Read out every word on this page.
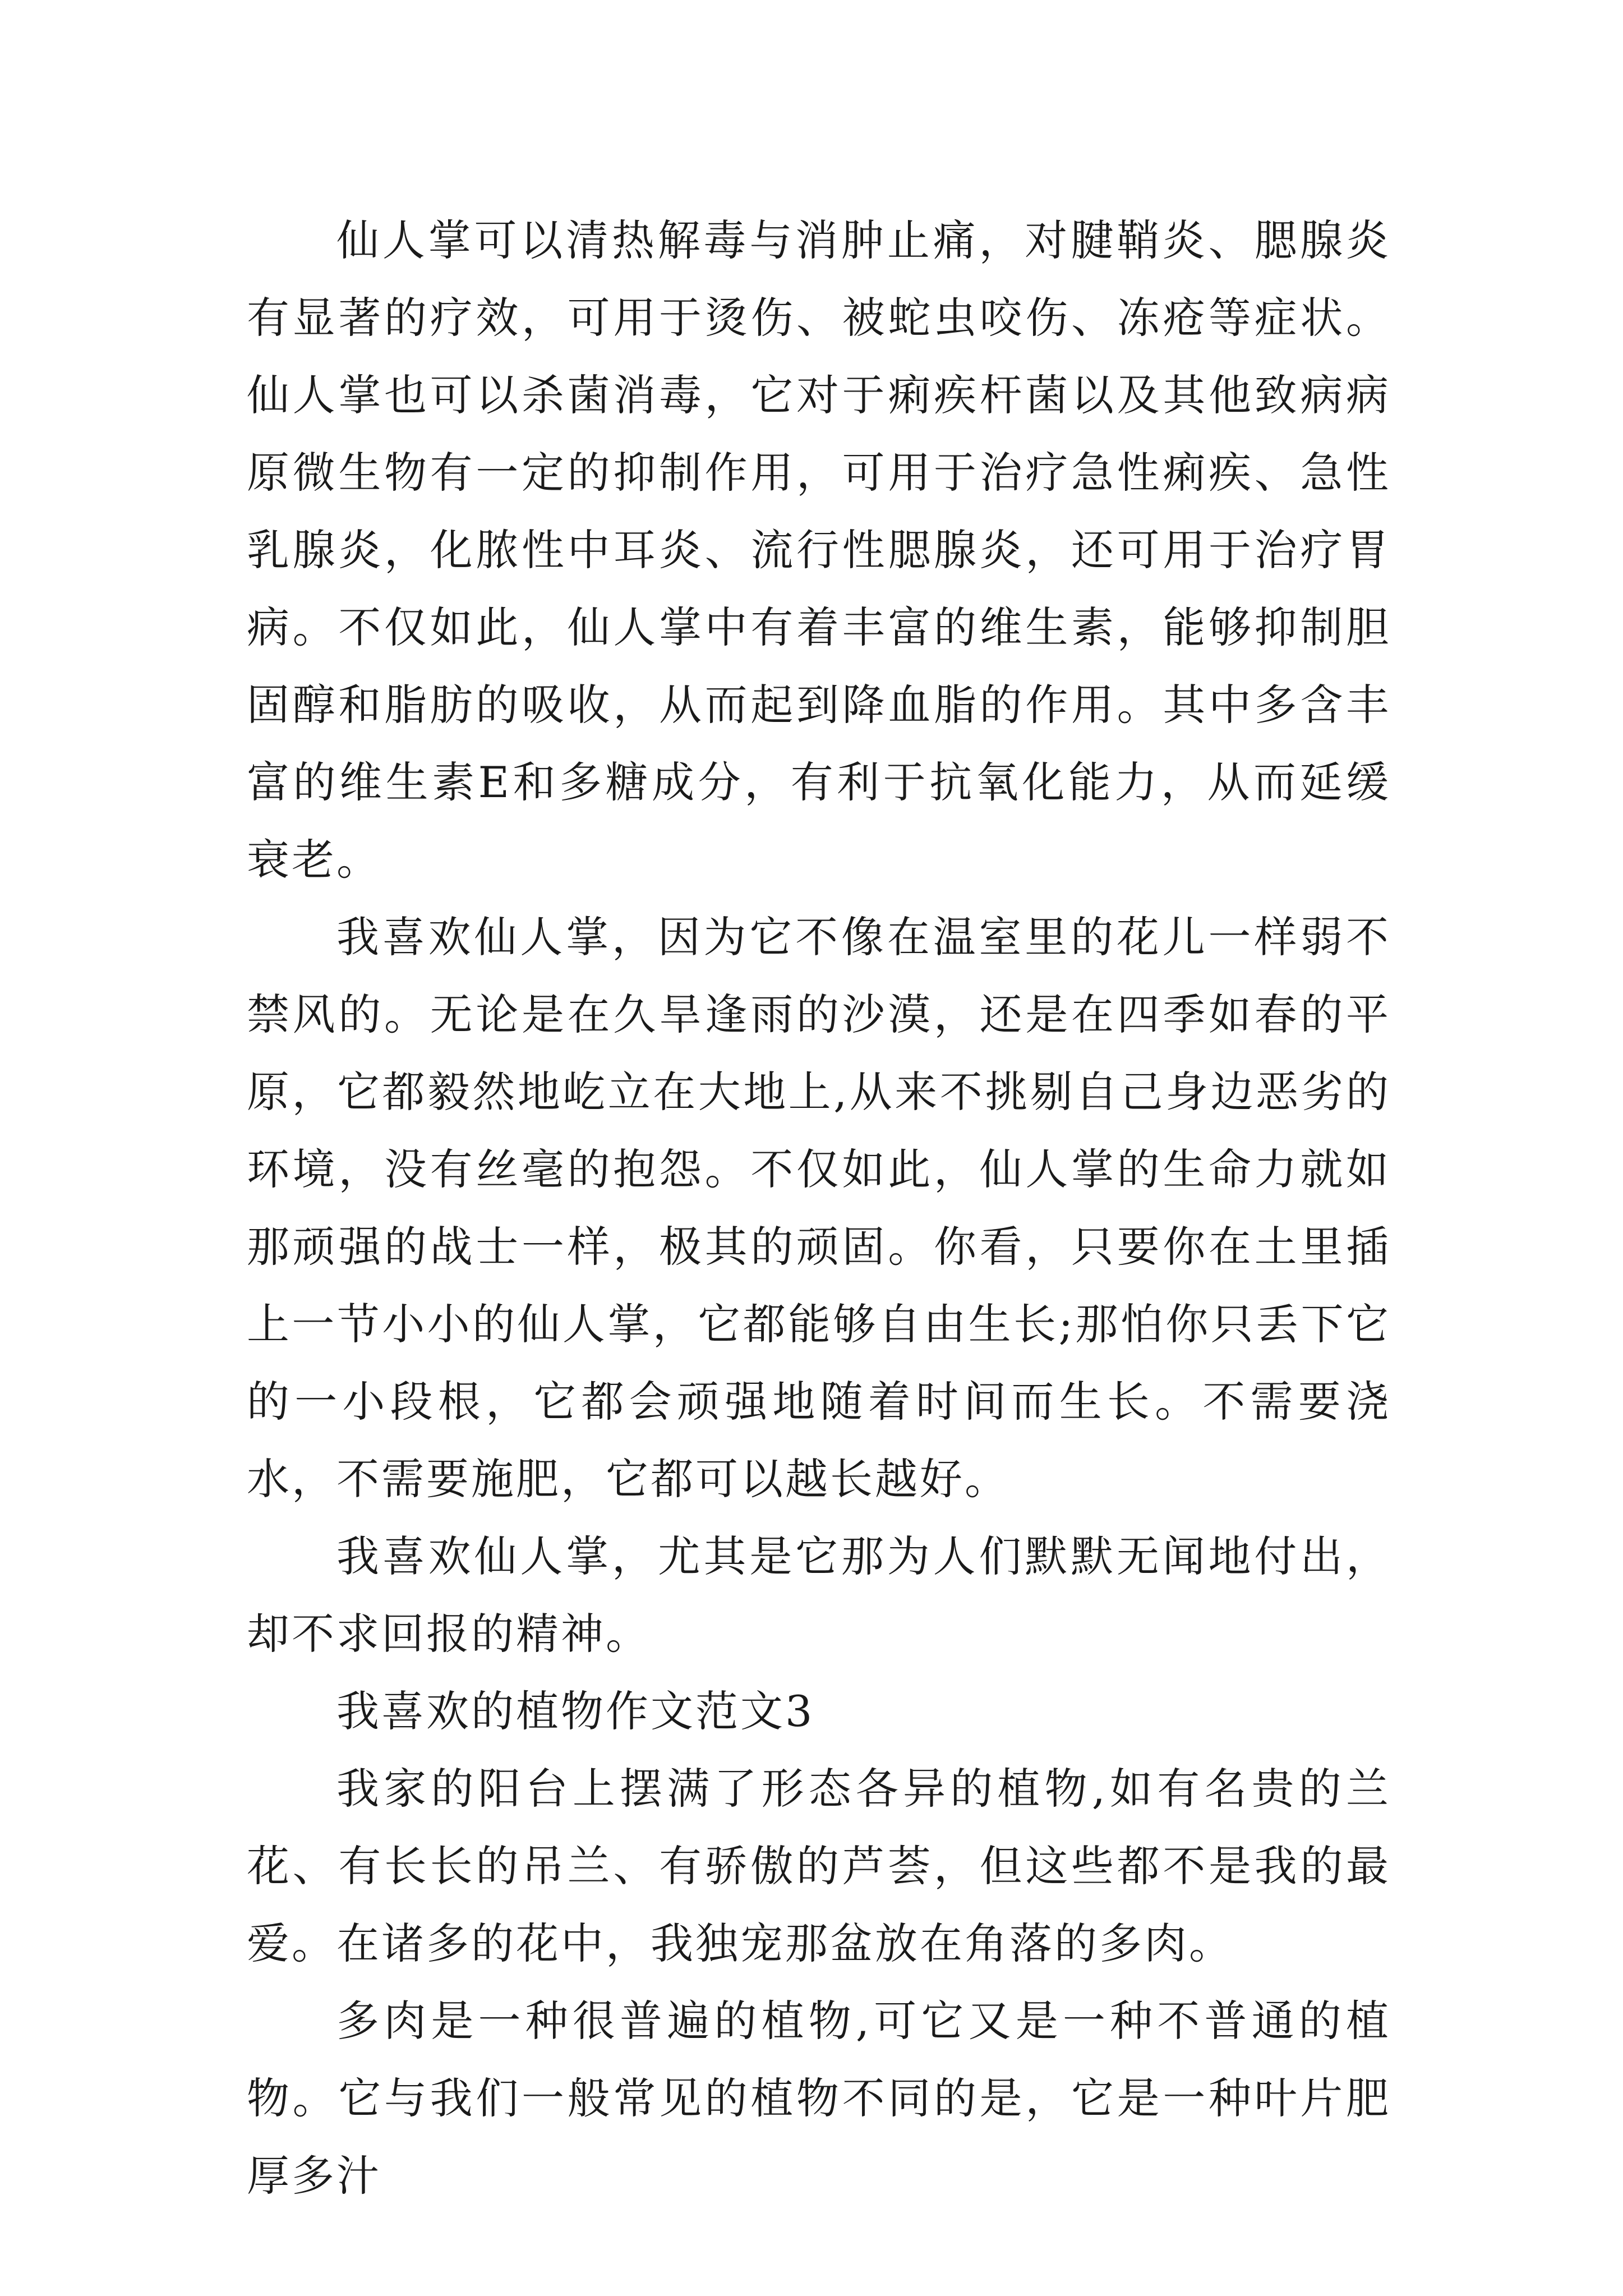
仙人掌可以清热解毒与消肿止痛，对腱鞘炎、腮腺炎有显著的疗效，可用于烫伤、被蛇虫咬伤、冻疮等症状。仙人掌也可以杀菌消毒，它对于痢疾杆菌以及其他致病病原微生物有一定的抑制作用，可用于治疗急性痢疾、急性乳腺炎，化脓性中耳炎、流行性腮腺炎，还可用于治疗胃病。不仅如此，仙人掌中有着丰富的维生素，能够抑制胆固醇和脂肪的吸收，从而起到降血脂的作用。其中多含丰富的维生素E和多糖成分，有利于抗氧化能力，从而延缓衰老。

我喜欢仙人掌，因为它不像在温室里的花儿一样弱不禁风的。无论是在久旱逢雨的沙漠，还是在四季如春的平原，它都毅然地屹立在大地上,从来不挑剔自己身边恶劣的环境，没有丝毫的抱怨。不仅如此，仙人掌的生命力就如那顽强的战士一样，极其的顽固。你看，只要你在土里插上一节小小的仙人掌，它都能够自由生长;那怕你只丢下它的一小段根，它都会顽强地随着时间而生长。不需要浇水，不需要施肥，它都可以越长越好。

我喜欢仙人掌，尤其是它那为人们默默无闻地付出，却不求回报的精神。

我喜欢的植物作文范文3

我家的阳台上摆满了形态各异的植物,如有名贵的兰花、有长长的吊兰、有骄傲的芦荟，但这些都不是我的最爱。在诸多的花中，我独宠那盆放在角落的多肉。

多肉是一种很普遍的植物,可它又是一种不普通的植物。它与我们一般常见的植物不同的是，它是一种叶片肥厚多汁
